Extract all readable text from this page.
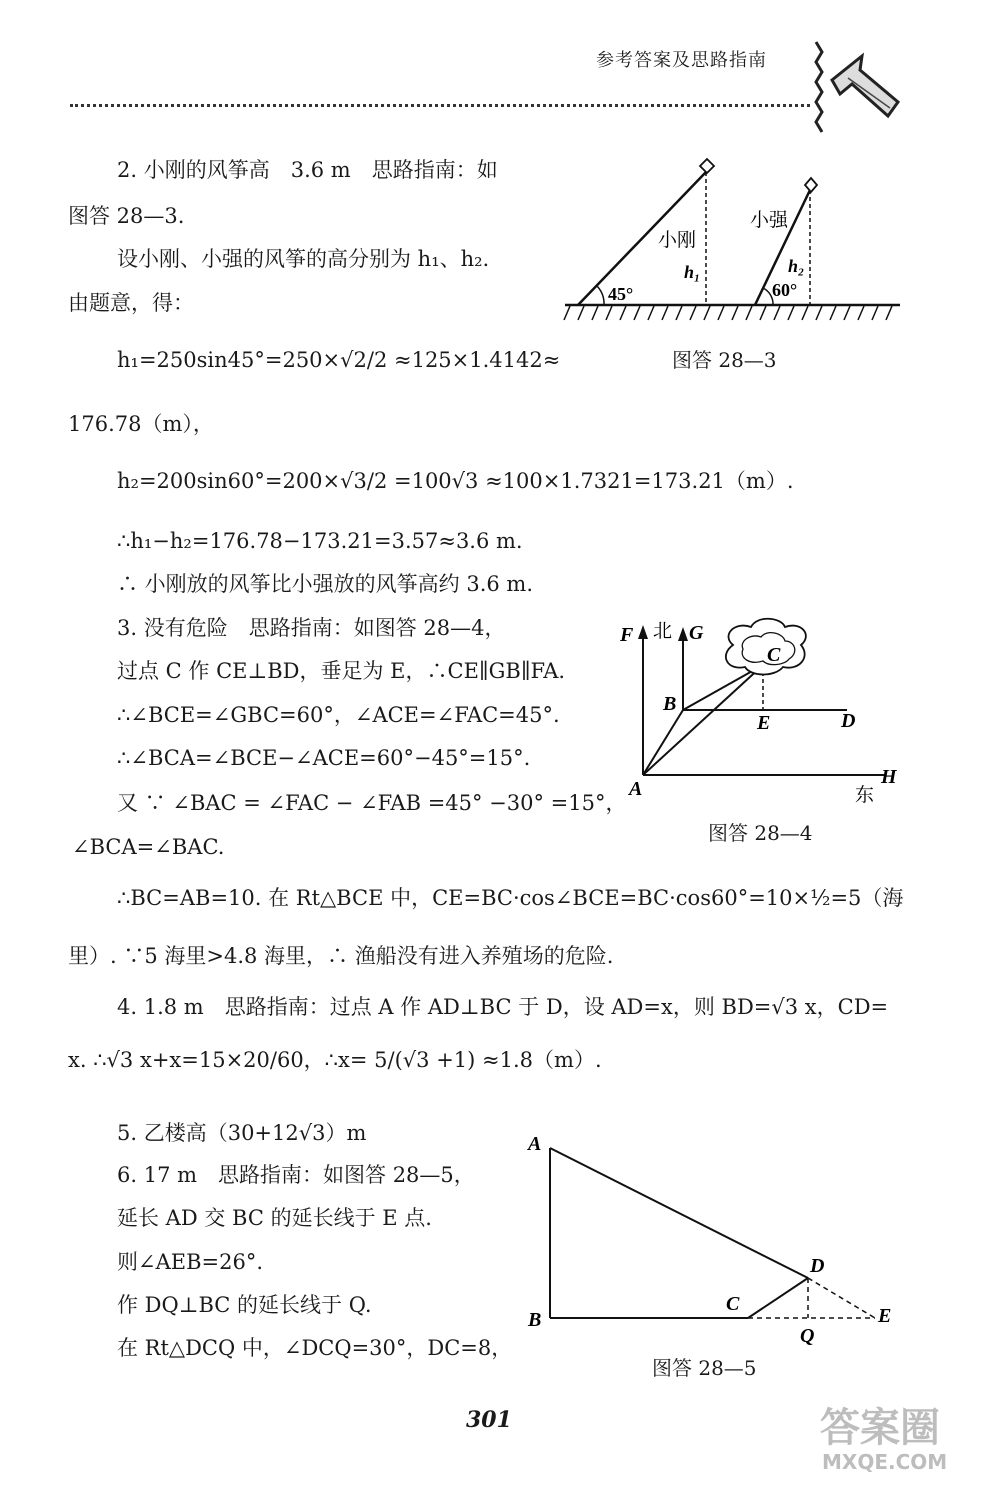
参考答案及思路指南
2. 小刚的风筝高　3.6 m　思路指南：如
图答 28—3.
设小刚、小强的风筝的高分别为 h₁、h₂.
由题意，得：
h₁=250sin45°=250×√2/2 ≈125×1.4142≈
176.78（m），
h₂=200sin60°=200×√3/2 =100√3 ≈100×1.7321=173.21（m）.
∴h₁−h₂=176.78−173.21=3.57≈3.6 m.
∴ 小刚放的风筝比小强放的风筝高约 3.6 m.
3. 没有危险　思路指南：如图答 28—4，
过点 C 作 CE⊥BD，垂足为 E，∴CE∥GB∥FA.
∴∠BCE=∠GBC=60°，∠ACE=∠FAC=45°.
∴∠BCA=∠BCE−∠ACE=60°−45°=15°.
又 ∵ ∠BAC = ∠FAC − ∠FAB =45° −30° =15°，
∠BCA=∠BAC.
∴BC=AB=10. 在 Rt△BCE 中，CE=BC·cos∠BCE=BC·cos60°=10×½=5（海
里）. ∵5 海里>4.8 海里，∴ 渔船没有进入养殖场的危险.
4. 1.8 m　思路指南：过点 A 作 AD⊥BC 于 D，设 AD=x，则 BD=√3 x，CD=
x. ∴√3 x+x=15×20/60，∴x= 5/(√3 +1) ≈1.8（m）.
5. 乙楼高（30+12√3）m
6. 17 m　思路指南：如图答 28—5，
延长 AD 交 BC 的延长线于 E 点.
则∠AEB=26°.
作 DQ⊥BC 的延长线于 Q.
在 Rt△DCQ 中，∠DCQ=30°，DC=8，
小刚
h₁
小强
h₂
45°	60°
图答 28—3
F 北 G
C
B
E	D
A
H
东
图答 28—4
A
B
C
D
E
Q
图答 28—5
301	答案圈
MXQE.COM
